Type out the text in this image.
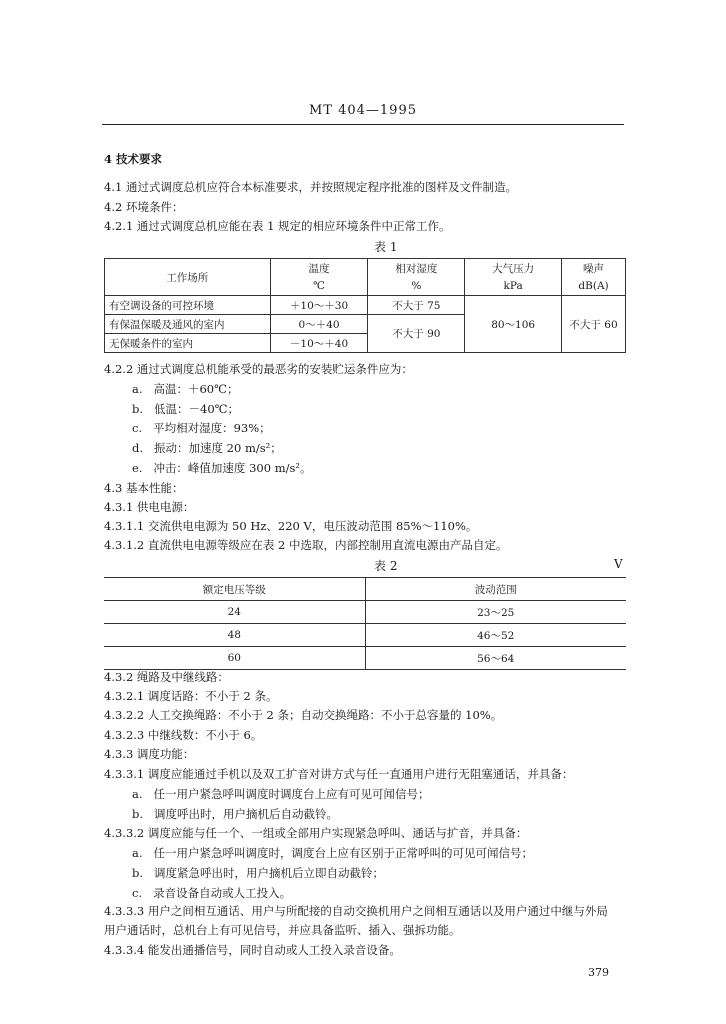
MT 404—1995
4 技术要求
4.1 通过式调度总机应符合本标准要求，并按照规定程序批准的图样及文件制造。
4.2 环境条件：
4.2.1 通过式调度总机应能在表 1 规定的相应环境条件中正常工作。
表 1
工作场所	温度	相对湿度	大气压力	噪声
	℃	%	kPa	dB(A)
有空调设备的可控环境	＋10～＋30	不大于 75	80～106	不大于 60
有保温保暖及通风的室内	0～＋40	不大于 90		
无保暖条件的室内	－10～＋40			
4.2.2 通过式调度总机能承受的最恶劣的安装贮运条件应为：
a. 高温：＋60℃；
b. 低温：－40℃；
c. 平均相对湿度：93%；
d. 振动：加速度 20 m/s²；
e. 冲击：峰值加速度 300 m/s²。
4.3 基本性能：
4.3.1 供电电源：
4.3.1.1 交流供电电源为 50 Hz、220 V，电压波动范围 85%～110%。
4.3.1.2 直流供电电源等级应在表 2 中选取，内部控制用直流电源由产品自定。
表 2	V
额定电压等级	波动范围
24	23～25
48	46～52
60	56～64
4.3.2 绳路及中继线路：
4.3.2.1 调度话路：不小于 2 条。
4.3.2.2 人工交换绳路：不小于 2 条；自动交换绳路：不小于总容量的 10%。
4.3.2.3 中继线数：不小于 6。
4.3.3 调度功能：
4.3.3.1 调度应能通过手机以及双工扩音对讲方式与任一直通用户进行无阻塞通话，并具备：
a. 任一用户紧急呼叫调度时调度台上应有可见可闻信号；
b. 调度呼出时，用户摘机后自动截铃。
4.3.3.2 调度应能与任一个、一组或全部用户实现紧急呼叫、通话与扩音，并具备：
a. 任一用户紧急呼叫调度时，调度台上应有区别于正常呼叫的可见可闻信号；
b. 调度紧急呼出时，用户摘机后立即自动截铃；
c. 录音设备自动或人工投入。
4.3.3.3 用户之间相互通话、用户与所配接的自动交换机用户之间相互通话以及用户通过中继与外局
用户通话时，总机台上有可见信号，并应具备监听、插入、强拆功能。
4.3.3.4 能发出通播信号，同时自动或人工投入录音设备。
379
